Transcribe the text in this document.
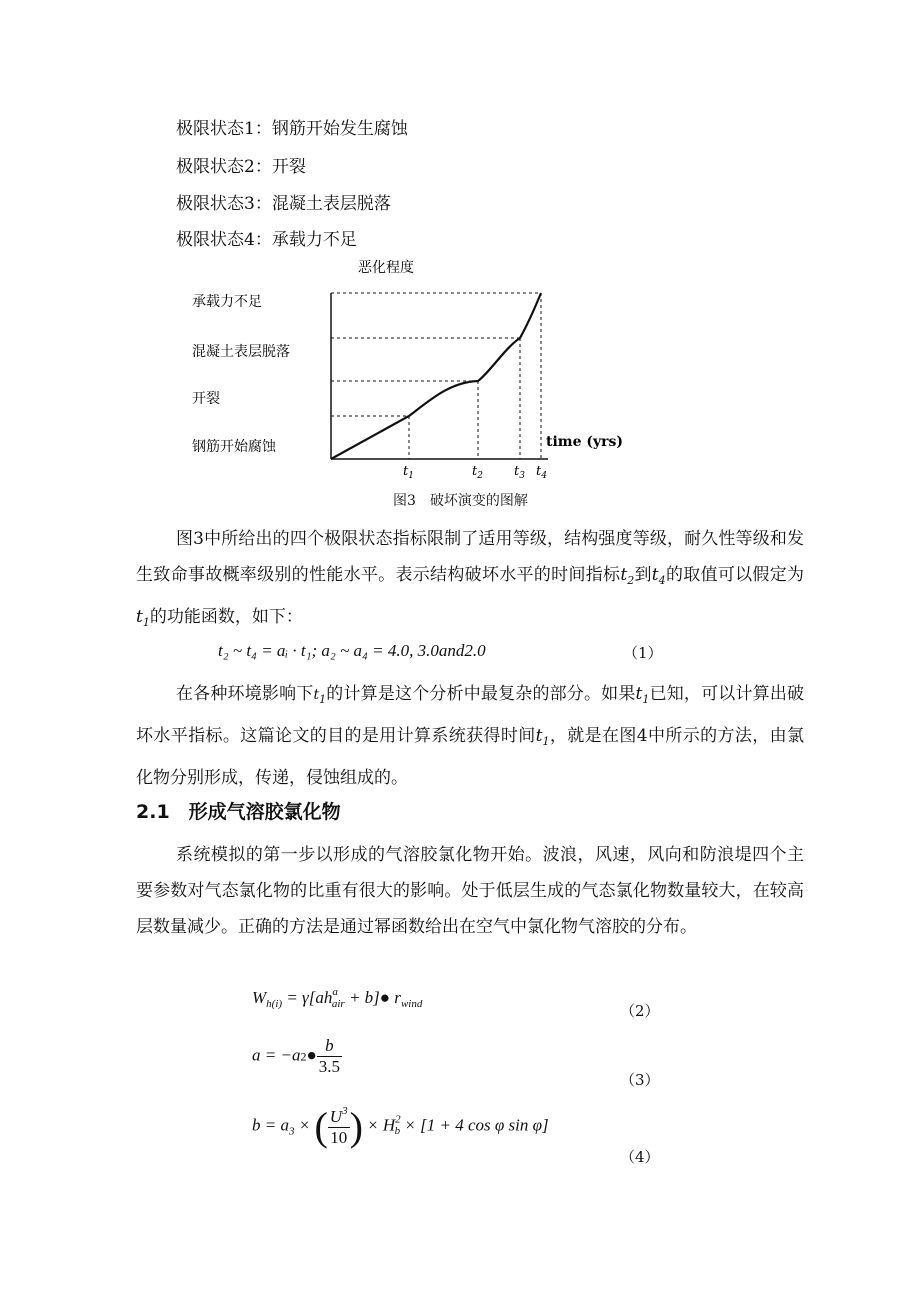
极限状态1：钢筋开始发生腐蚀
极限状态2：开裂
极限状态3：混凝土表层脱落
极限状态4：承载力不足
恶化程度
承载力不足
混凝土表层脱落
开裂
钢筋开始腐蚀	time (yrs)
$t_1$	$t_2$ $t_3$ $t_4$
图3　破坏演变的图解

图3中所给出的四个极限状态指标限制了适用等级，结构强度等级，耐久性等级和发生致命事故概率级别的性能水平。表示结构破坏水平的时间指标$t_2$到$t_4$的取值可以假定为$t_1$的功能函数，如下：

t₂ ~ t₄ = aᵢ · t₁; a₂ ~ a₄ = 4.0, 3.0and2.0	（1）

在各种环境影响下$t_1$的计算是这个分析中最复杂的部分。如果$t_1$已知，可以计算出破坏水平指标。这篇论文的目的是用计算系统获得时间$t_1$，就是在图4中所示的方法，由氯化物分别形成，传递，侵蚀组成的。

2.1　形成气溶胶氯化物

系统模拟的第一步以形成的气溶胶氯化物开始。波浪，风速，风向和防浪堤四个主要参数对气态氯化物的比重有很大的影响。处于低层生成的气态氯化物数量较大，在较高层数量减少。正确的方法是通过幂函数给出在空气中氯化物气溶胶的分布。

$W_{h(i)} = \gamma[ah^a_{air}$ + b]● $r_{wind}$	（2）
a = −a2● $\frac{b}{3.5}$
（3）
$b = a_3$ × ( $\frac{U^3}{10}$ ) × $H^2_b \times [1 + 4$ cos φ sin φ]
（4）
